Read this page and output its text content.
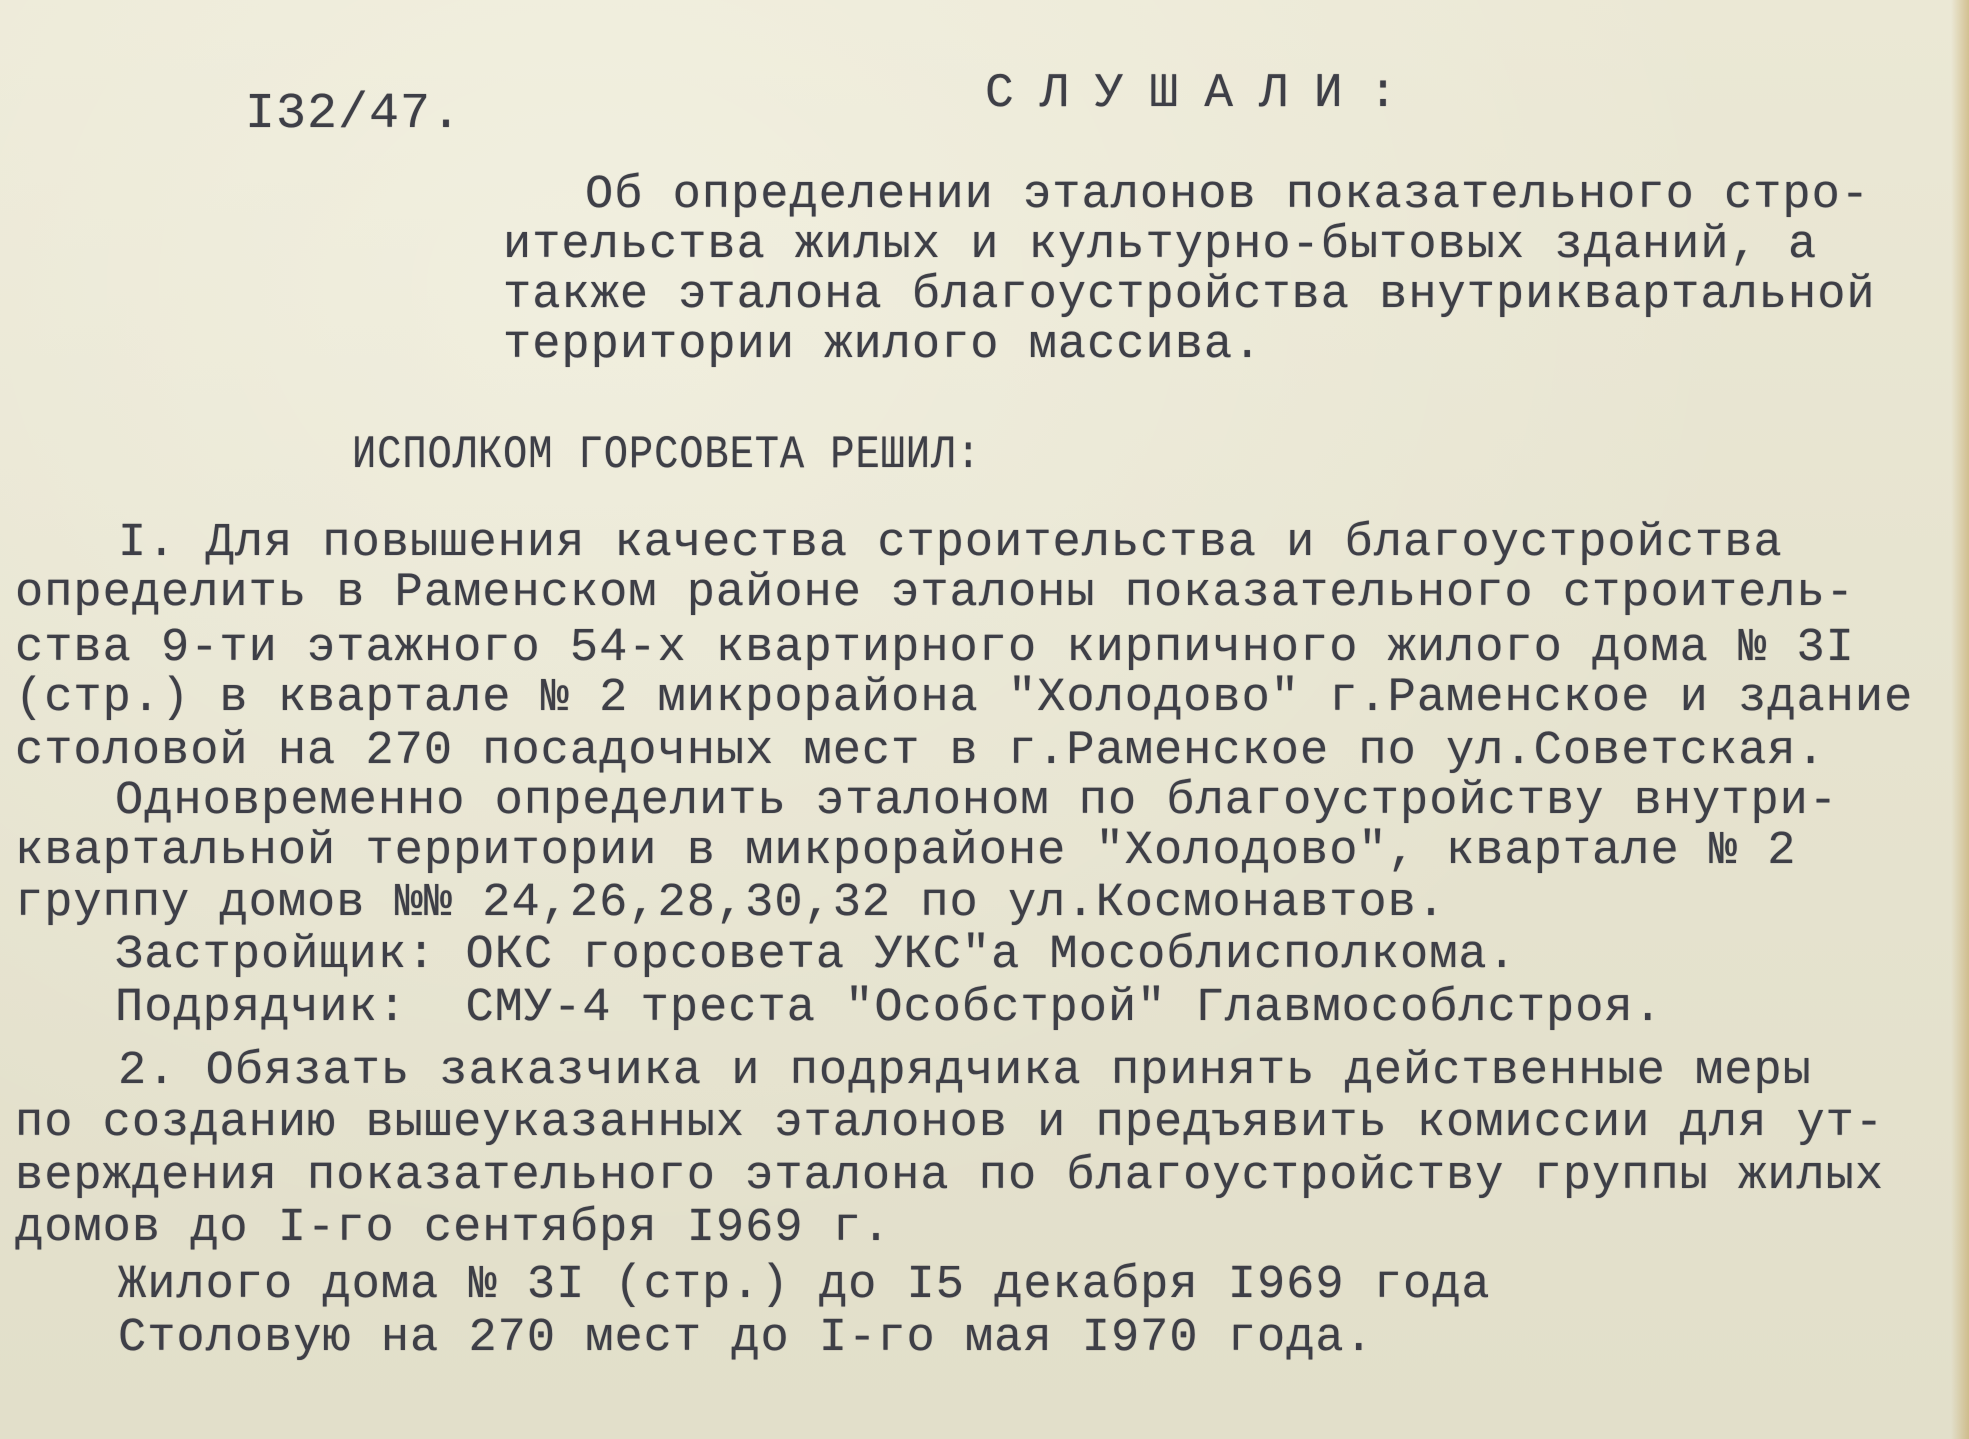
I32/47.	СЛУШАЛИ:
Об определении эталонов показательного стро-
ительства жилых и культурно-бытовых зданий, а
также эталона благоустройства внутриквартальной
территории жилого массива.
ИСПОЛКОМ ГОРСОВЕТА РЕШИЛ:
I. Для повышения качества строительства и благоустройства
определить в Раменском районе эталоны показательного строитель-
ства 9-ти этажного 54-х квартирного кирпичного жилого дома № 3I
(стр.) в квартале № 2 микрорайона "Холодово" г.Раменское и здание
столовой на 270 посадочных мест в г.Раменское по ул.Советская.
Одновременно определить эталоном по благоустройству внутри-
квартальной территории в микрорайоне "Холодово", квартале № 2
группу домов №№ 24,26,28,30,32 по ул.Космонавтов.
Застройщик: ОКС горсовета УКС"а Мособлисполкома.
Подрядчик:  СМУ-4 треста "Особстрой" Главмособлстроя.
2. Обязать заказчика и подрядчика принять действенные меры
по созданию вышеуказанных эталонов и предъявить комиссии для ут-
верждения показательного эталона по благоустройству группы жилых
домов до I-го сентября I969 г.
Жилого дома № 3I (стр.) до I5 декабря I969 года
Столовую на 270 мест до I-го мая I970 года.
